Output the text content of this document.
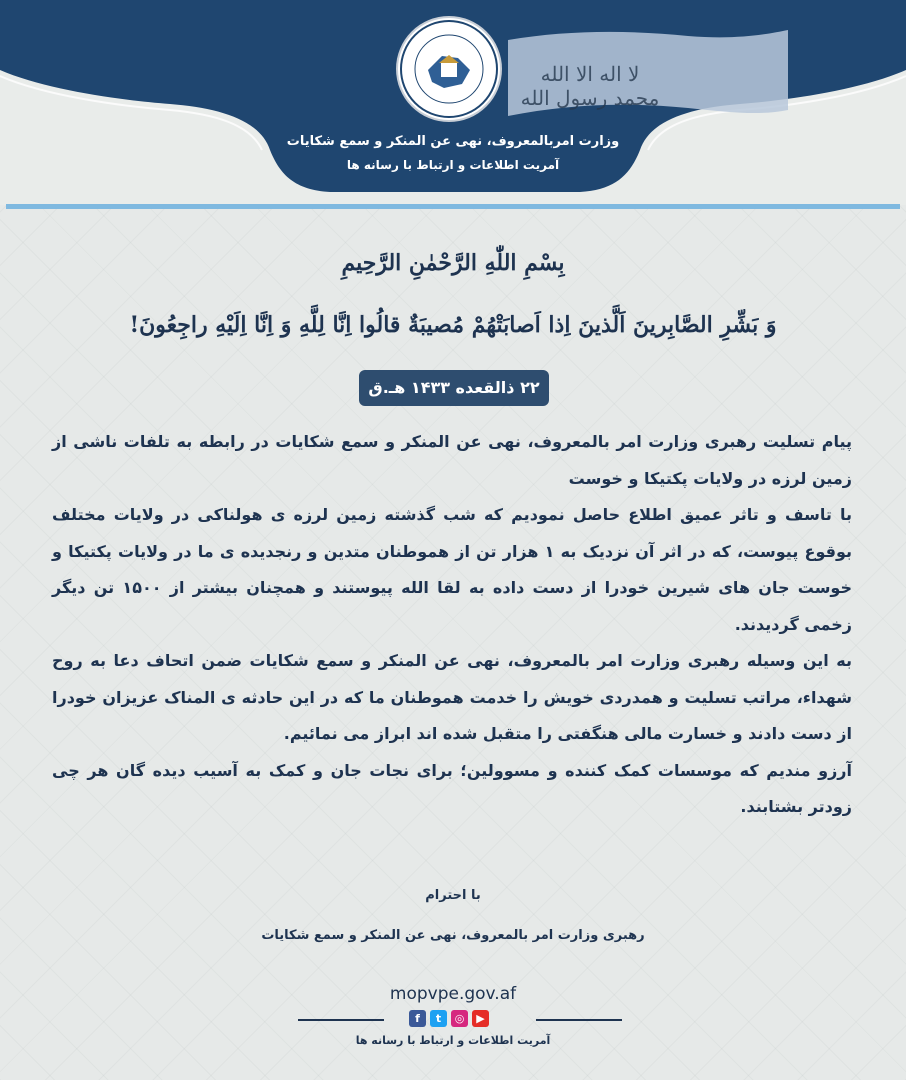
لا اله الا الله محمد رسول الله
وزارت امربالمعروف، نهی عن المنکر و سمع شکایات
آمریت اطلاعات و ارتباط با رسانه ها
بِسْمِ اللّٰهِ الرَّحْمٰنِ الرَّحِيمِ
وَ بَشِّرِ الصَّابِرینَ اَلَّذینَ اِذا اَصابَتْهُمْ مُصیبَةٌ قالُوا اِنَّا لِلَّهِ وَ اِنَّا اِلَیْهِ راجِعُونَ!
۲۲ ذالقعده ۱۴۳۳ هـ.ق

پیام تسلیت رهبری وزارت امر بالمعروف، نهی عن المنکر و سمع شکایات در رابطه به تلفات ناشی از زمین لرزه در ولایات پکتیکا و خوست

با تاسف و تاثر عمیق اطلاع حاصل نمودیم که شب گذشته زمین لرزه ی هولناکی در ولایات مختلف بوقوع پیوست، که در اثر آن نزدیک به ۱ هزار تن از هموطنان متدین و رنجدیده ی ما در ولایات پکتیکا و خوست جان های شیرین خودرا از دست داده به لقا الله پیوستند و همچنان بیشتر از ۱۵۰۰ تن دیگر زخمی گردیدند.

به این وسیله رهبری وزارت امر بالمعروف، نهی عن المنکر و سمع شکایات ضمن اتحاف دعا به روح شهداء، مراتب تسلیت و همدردی خویش را خدمت هموطنان ما که در این حادثه ی المناک عزیزان خودرا از دست دادند و خسارت مالی هنگفتی را متقبل شده اند ابراز می نمائیم.

آرزو مندیم که موسسات کمک کننده و مسوولین؛ برای نجات جان و کمک به آسیب دیده گان هر چی زودتر بشتابند.

با احترام
رهبری وزارت امر بالمعروف، نهی عن المنکر و سمع شکایات
mopvpe.gov.af
f	t	◎	▶
آمریت اطلاعات و ارتباط با رسانه ها
